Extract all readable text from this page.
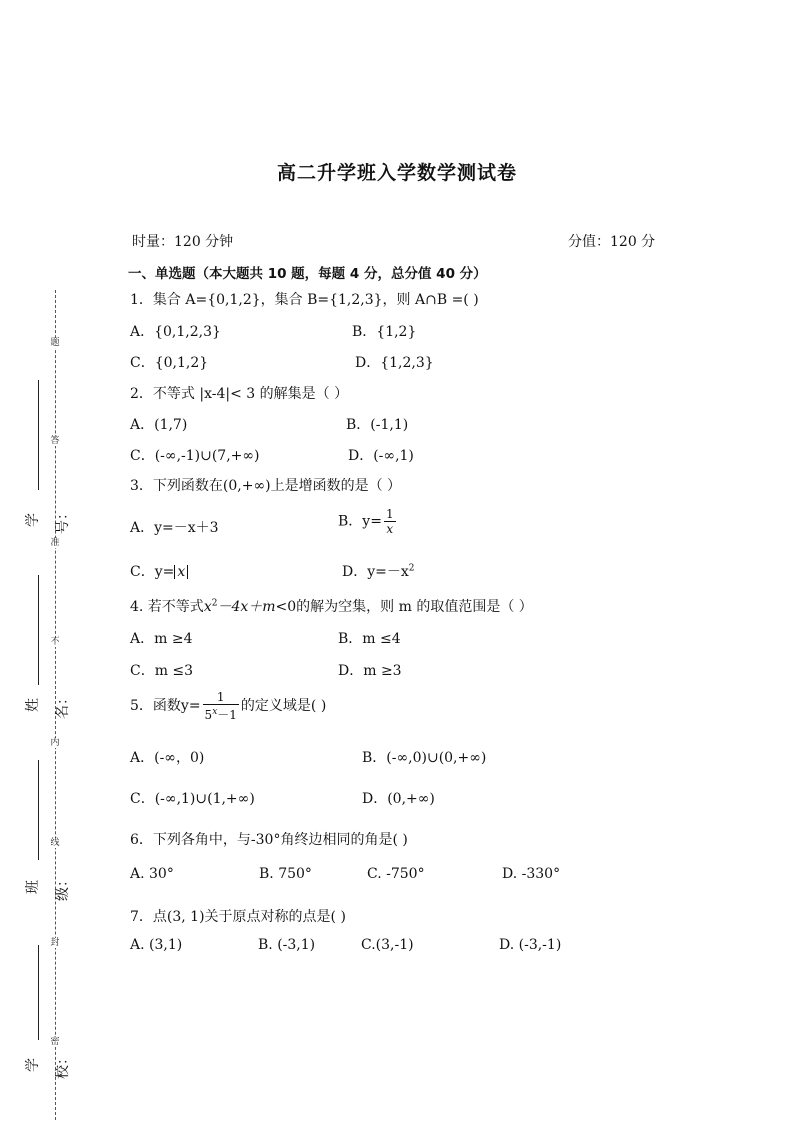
题
答
准
不
内
线
封
密
学号：
姓名：
班级：
学校：
高二升学班入学数学测试卷
时量：120 分钟	分值：120 分
一、单选题（本大题共 10 题，每题 4 分，总分值 40 分）
1．集合 A={0,1,2}，集合 B={1,2,3}，则 A∩B =( )
A．{0,1,2,3}	B．{1,2}
C．{0,1,2}	D．{1,2,3}
2．不等式 |x-4|< 3 的解集是（ ）
A．(1,7)	B．(-1,1)
C．(-∞,-1)∪(7,+∞)	D．(-∞,1)
3．下列函数在(0,+∞)上是增函数的是（ ）
A．y=－x＋3	B．$y= \frac{1}{x}$
C．y= x	D．$y=-x^2$
4. 若不等式$x^2-4x+m<0$的解为空集，则 m 的取值范围是（ ）
A．m ≥4	B．m ≤4
C．m ≤3	D．m ≥3
5．函数$y= \frac{1}{5^x-1}$ 的定义域是( )
A．(-∞，0)	B．(-∞,0)∪(0,+∞)
C．(-∞,1)∪(1,+∞)	D．(0,+∞)
6．下列各角中，与-30°角终边相同的角是( )
A. 30°	B. 750°	C. -750°	D. -330°
7．点(3, 1)关于原点对称的点是( )
A. (3,1)	B. (-3,1)	C.(3,-1)	D. (-3,-1)
